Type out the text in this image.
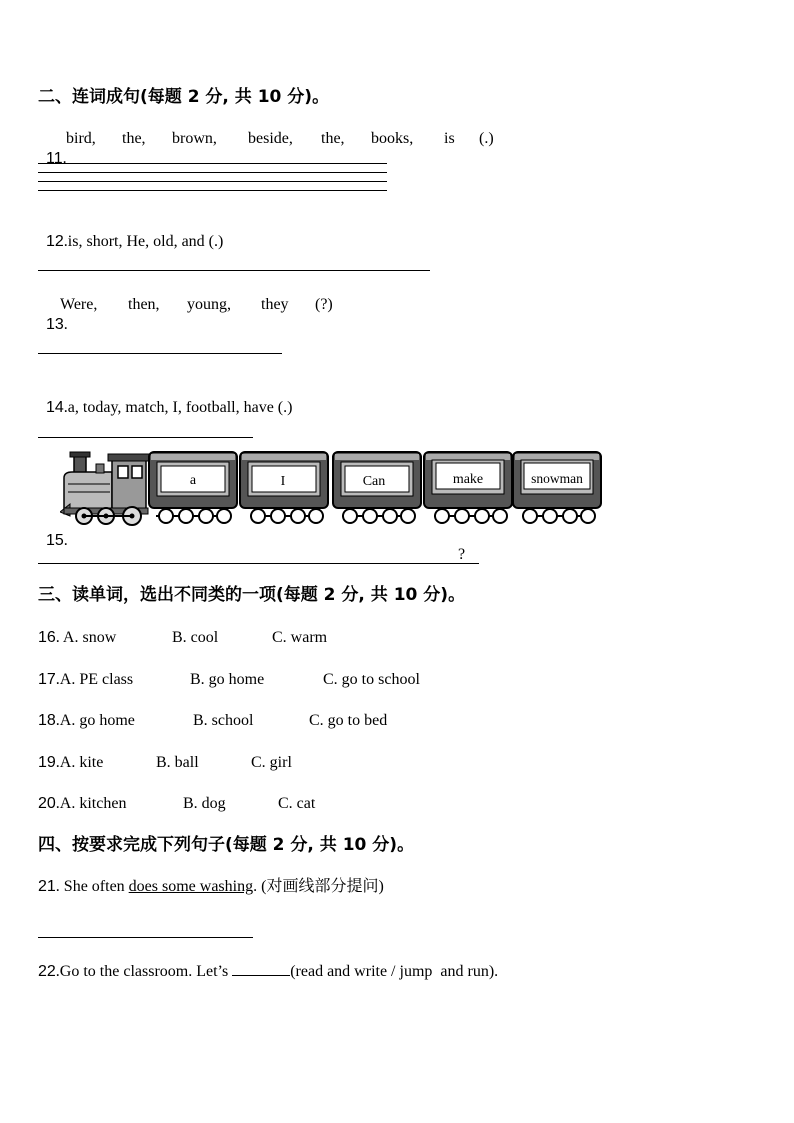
二、连词成句(每题 2 分, 共 10 分)。

11.

bird, the, brown, beside, the, books, is (.)

12.is, short, He, old, and (.)

13.

Were, then, young, they (?)

14.a, today, match, I, football, have (.)

15.

a	I	Can	make	snowman
?
三、读单词，选出不同类的一项(每题 2 分, 共 10 分)。
16. A. snow	B. cool	C. warm
17.A. PE class	B. go home	C. go to school
18.A. go home	B. school	C. go to bed
19.A. kite	B. ball	C. girl
20.A. kitchen	B. dog	C. cat
四、按要求完成下列句子(每题 2 分, 共 10 分)。
21. She often does some washing. (对画线部分提问)
22.Go to the classroom. Let’s	(read and write / jump  and run).
